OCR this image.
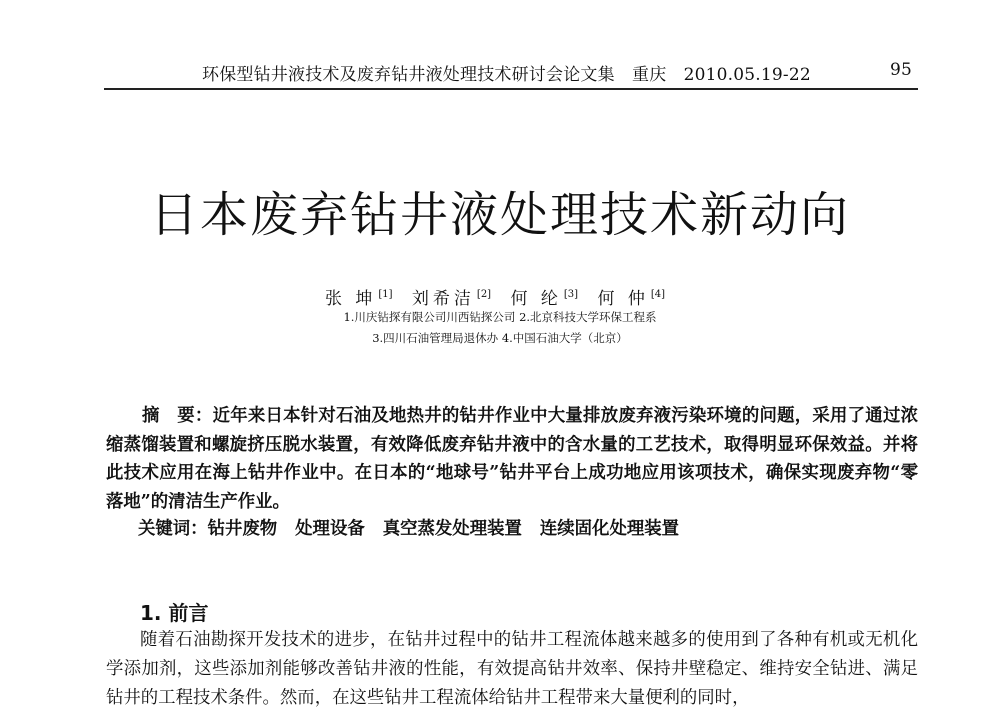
环保型钻井液技术及废弃钻井液处理技术研讨会论文集　重庆　2010.05.19-22	95
日本废弃钻井液处理技术新动向
张 坤 [1] 刘希洁 [2] 何 纶 [3] 何 仲 [4]
1.川庆钻探有限公司川西钻探公司 2.北京科技大学环保工程系
3.四川石油管理局退休办 4.中国石油大学（北京）
摘　要：近年来日本针对石油及地热井的钻井作业中大量排放废弃液污染环境的问题，采用了通过浓缩蒸馏装置和螺旋挤压脱水装置，有效降低废弃钻井液中的含水量的工艺技术，取得明显环保效益。并将此技术应用在海上钻井作业中。在日本的“地球号”钻井平台上成功地应用该项技术，确保实现废弃物“零落地”的清洁生产作业。
关键词：钻井废物 处理设备 真空蒸发处理装置 连续固化处理装置
1. 前言
随着石油勘探开发技术的进步，在钻井过程中的钻井工程流体越来越多的使用到了各种有机或无机化学添加剂，这些添加剂能够改善钻井液的性能，有效提高钻井效率、保持井壁稳定、维持安全钻进、满足钻井的工程技术条件。然而，在这些钻井工程流体给钻井工程带来大量便利的同时，
